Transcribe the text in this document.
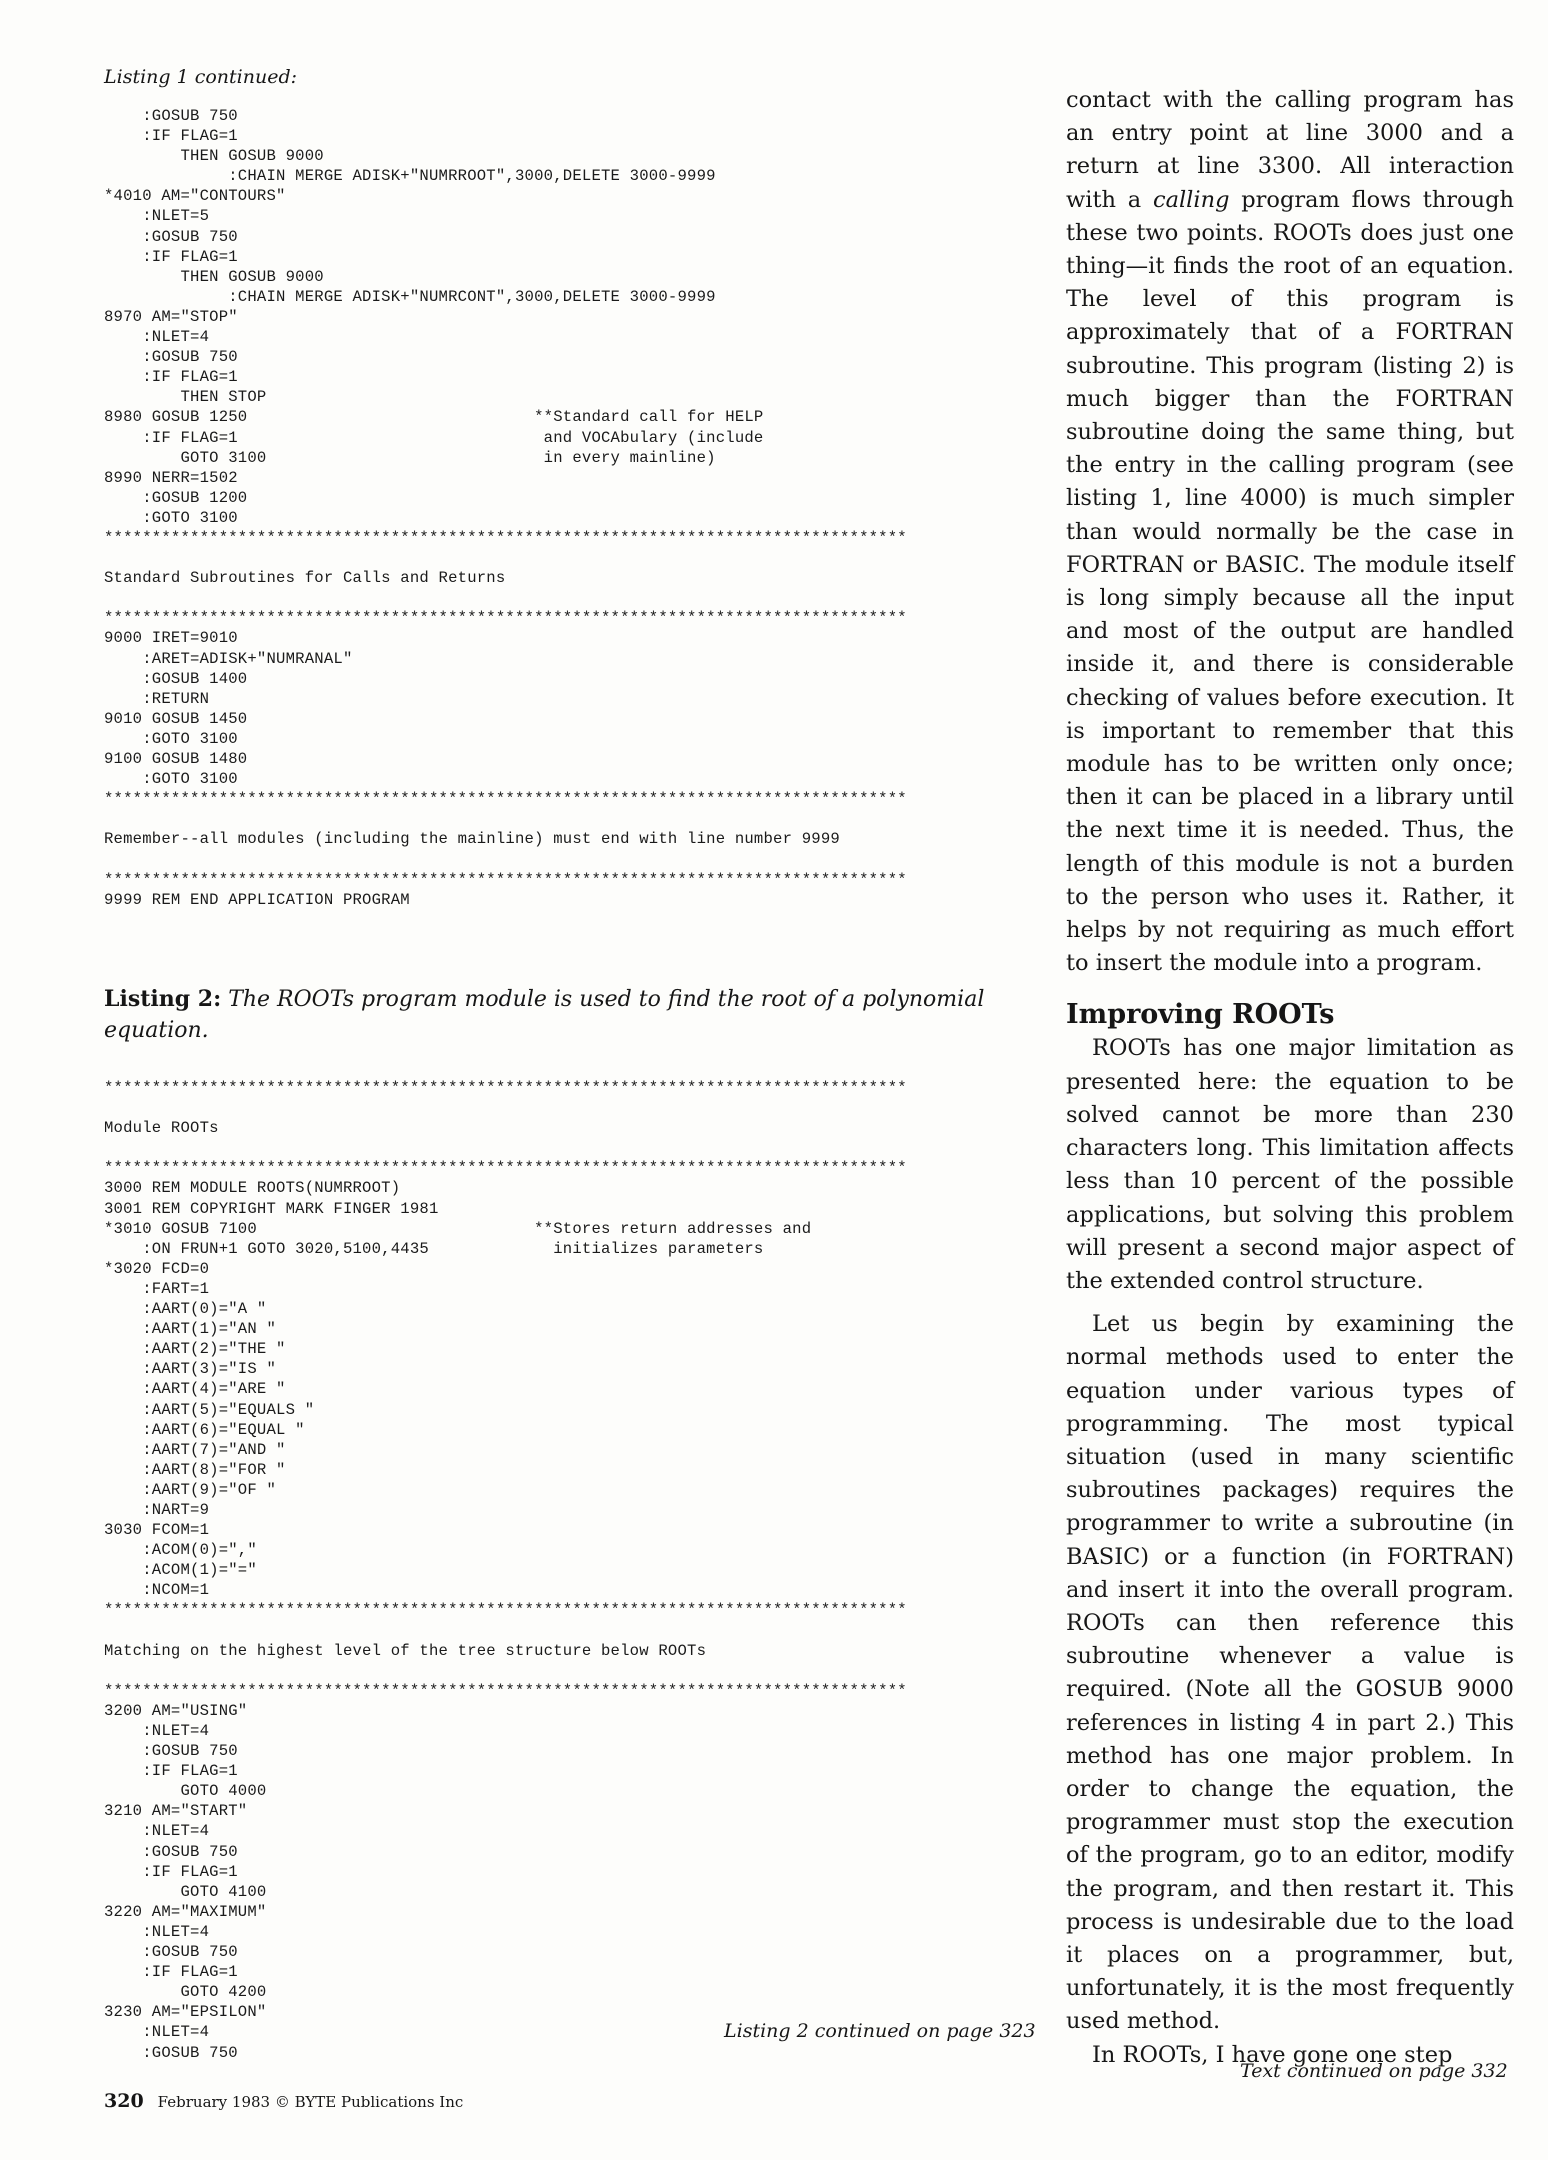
Listing 1 continued:
:GOSUB 750
:IF FLAG=1
THEN GOSUB 9000
:CHAIN MERGE ADISK+"NUMRROOT",3000,DELETE 3000-9999
*4010 AM="CONTOURS"
:NLET=5
:GOSUB 750
:IF FLAG=1
THEN GOSUB 9000
:CHAIN MERGE ADISK+"NUMRCONT",3000,DELETE 3000-9999
8970 AM="STOP"
:NLET=4
:GOSUB 750
:IF FLAG=1
THEN STOP
8980 GOSUB 1250                              **Standard call for HELP
:IF FLAG=1                                and VOCAbulary (include
GOTO 3100                             in every mainline)
8990 NERR=1502
:GOSUB 1200
:GOTO 3100
************************************************************************************

Standard Subroutines for Calls and Returns

************************************************************************************
9000 IRET=9010
:ARET=ADISK+"NUMRANAL"
:GOSUB 1400
:RETURN
9010 GOSUB 1450
:GOTO 3100
9100 GOSUB 1480
:GOTO 3100
************************************************************************************

Remember--all modules (including the mainline) must end with line number 9999

************************************************************************************
9999 REM END APPLICATION PROGRAM
Listing 2: The ROOTs program module is used to find the root of a polynomial equation.
************************************************************************************

Module ROOTs

************************************************************************************
3000 REM MODULE ROOTS(NUMRROOT)
3001 REM COPYRIGHT MARK FINGER 1981
*3010 GOSUB 7100                             **Stores return addresses and
:ON FRUN+1 GOTO 3020,5100,4435             initializes parameters
*3020 FCD=0
:FART=1
:AART(0)="A "
:AART(1)="AN "
:AART(2)="THE "
:AART(3)="IS "
:AART(4)="ARE "
:AART(5)="EQUALS "
:AART(6)="EQUAL "
:AART(7)="AND "
:AART(8)="FOR "
:AART(9)="OF "
:NART=9
3030 FCOM=1
:ACOM(0)=","
:ACOM(1)="="
:NCOM=1
************************************************************************************

Matching on the highest level of the tree structure below ROOTs

************************************************************************************
3200 AM="USING"
:NLET=4
:GOSUB 750
:IF FLAG=1
GOTO 4000
3210 AM="START"
:NLET=4
:GOSUB 750
:IF FLAG=1
GOTO 4100
3220 AM="MAXIMUM"
:NLET=4
:GOSUB 750
:IF FLAG=1
GOTO 4200
3230 AM="EPSILON"
:NLET=4
:GOSUB 750
Listing 2 continued on page 323

contact with the calling program has an entry point at line 3000 and a return at line 3300. All interaction with a calling program flows through these two points. ROOTs does just one thing—it finds the root of an equation. The level of this program is approximately that of a FORTRAN subroutine. This program (listing 2) is much bigger than the FORTRAN subroutine doing the same thing, but the entry in the calling program (see listing 1, line 4000) is much simpler than would normally be the case in FORTRAN or BASIC. The module itself is long simply because all the input and most of the output are handled inside it, and there is considerable checking of values before execution. It is important to remember that this module has to be written only once; then it can be placed in a library until the next time it is needed. Thus, the length of this module is not a burden to the person who uses it. Rather, it helps by not requiring as much effort to insert the module into a program.

Improving ROOTs

ROOTs has one major limitation as presented here: the equation to be solved cannot be more than 230 characters long. This limitation affects less than 10 percent of the possible applications, but solving this problem will present a second major aspect of the extended control structure.

Let us begin by examining the normal methods used to enter the equation under various types of programming. The most typical situation (used in many scientific subroutines packages) requires the programmer to write a subroutine (in BASIC) or a function (in FORTRAN) and insert it into the overall program. ROOTs can then reference this subroutine whenever a value is required. (Note all the GOSUB 9000 references in listing 4 in part 2.) This method has one major problem. In order to change the equation, the programmer must stop the execution of the program, go to an editor, modify the program, and then restart it. This process is undesirable due to the load it places on a programmer, but, unfortunately, it is the most frequently used method.

In ROOTs, I have gone one step

Text continued on page 332
320 February 1983 © BYTE Publications Inc
